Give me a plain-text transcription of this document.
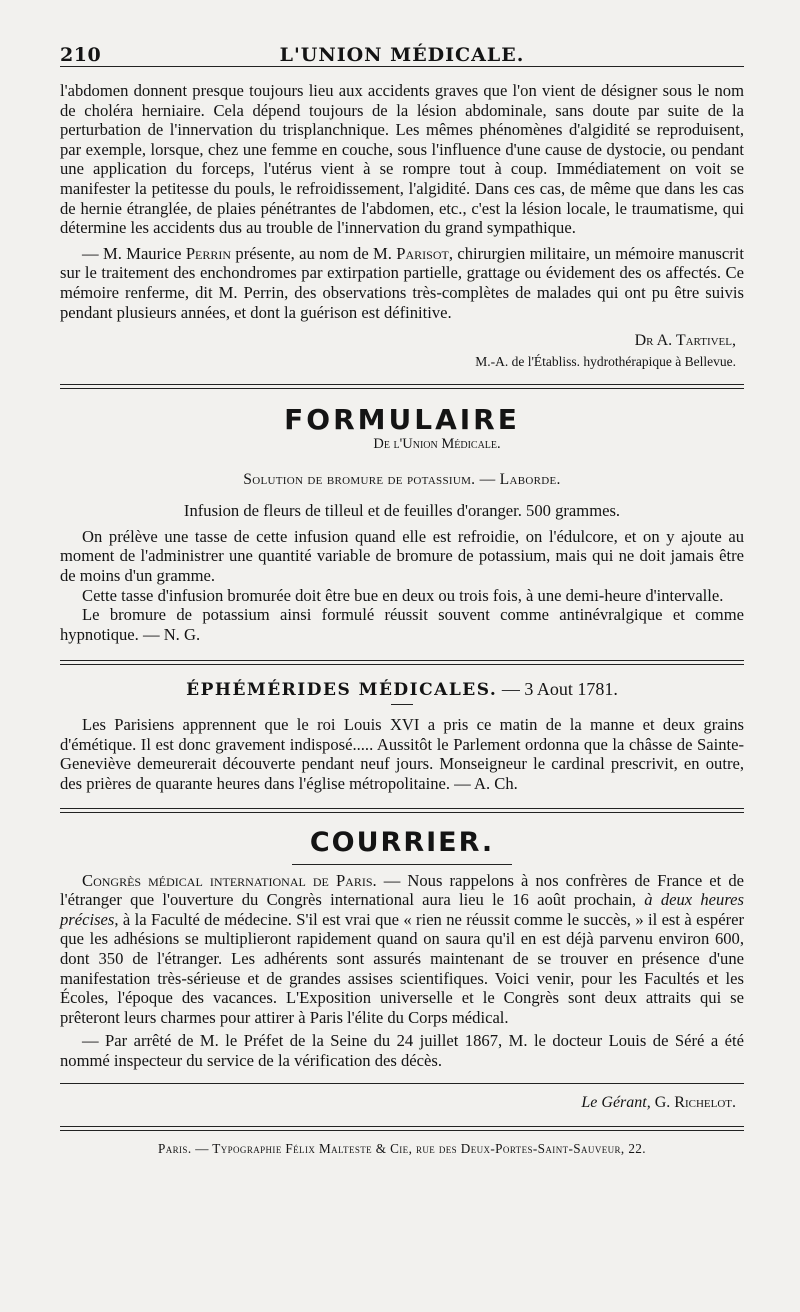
210	L'UNION MÉDICALE.

l'abdomen donnent presque toujours lieu aux accidents graves que l'on vient de désigner sous le nom de choléra herniaire. Cela dépend toujours de la lésion abdominale, sans doute par suite de la perturbation de l'innervation du trisplanchnique. Les mêmes phénomènes d'algidité se reproduisent, par exemple, lorsque, chez une femme en couche, sous l'influence d'une cause de dystocie, ou pendant une application du forceps, l'utérus vient à se rompre tout à coup. Immédiatement on voit se manifester la petitesse du pouls, le refroidissement, l'algidité. Dans ces cas, de même que dans les cas de hernie étranglée, de plaies pénétrantes de l'abdomen, etc., c'est la lésion locale, le traumatisme, qui détermine les accidents dus au trouble de l'innervation du grand sympathique.

— M. Maurice Perrin présente, au nom de M. Parisot, chirurgien militaire, un mémoire manuscrit sur le traitement des enchondromes par extirpation partielle, grattage ou évidement des os affectés. Ce mémoire renferme, dit M. Perrin, des observations très-complètes de malades qui ont pu être suivis pendant plusieurs années, et dont la guérison est définitive.

Dr A. Tartivel,
M.-A. de l'Établiss. hydrothérapique à Bellevue.
FORMULAIRE
De l'Union Médicale.
Solution de bromure de potassium. — Laborde.

Infusion de fleurs de tilleul et de feuilles d'oranger. 500 grammes.

On prélève une tasse de cette infusion quand elle est refroidie, on l'édulcore, et on y ajoute au moment de l'administrer une quantité variable de bromure de potassium, mais qui ne doit jamais être de moins d'un gramme.

Cette tasse d'infusion bromurée doit être bue en deux ou trois fois, à une demi-heure d'intervalle.

Le bromure de potassium ainsi formulé réussit souvent comme antinévralgique et comme hypnotique. — N. G.

ÉPHÉMÉRIDES MÉDICALES. — 3 Aout 1781.

Les Parisiens apprennent que le roi Louis XVI a pris ce matin de la manne et deux grains d'émétique. Il est donc gravement indisposé..... Aussitôt le Parlement ordonna que la châsse de Sainte-Geneviève demeurerait découverte pendant neuf jours. Monseigneur le cardinal prescrivit, en outre, des prières de quarante heures dans l'église métropolitaine. — A. Ch.

COURRIER.

Congrès médical international de Paris. — Nous rappelons à nos confrères de France et de l'étranger que l'ouverture du Congrès international aura lieu le 16 août prochain, à deux heures précises, à la Faculté de médecine. S'il est vrai que « rien ne réussit comme le succès, » il est à espérer que les adhésions se multiplieront rapidement quand on saura qu'il en est déjà parvenu environ 600, dont 350 de l'étranger. Les adhérents sont assurés maintenant de se trouver en présence d'une manifestation très-sérieuse et de grandes assises scientifiques. Voici venir, pour les Facultés et les Écoles, l'époque des vacances. L'Exposition universelle et le Congrès sont deux attraits qui se prêteront leurs charmes pour attirer à Paris l'élite du Corps médical.

— Par arrêté de M. le Préfet de la Seine du 24 juillet 1867, M. le docteur Louis de Séré a été nommé inspecteur du service de la vérification des décès.

Le Gérant, G. Richelot.
Paris. — Typographie Félix Malteste & Cie, rue des Deux-Portes-Saint-Sauveur, 22.
